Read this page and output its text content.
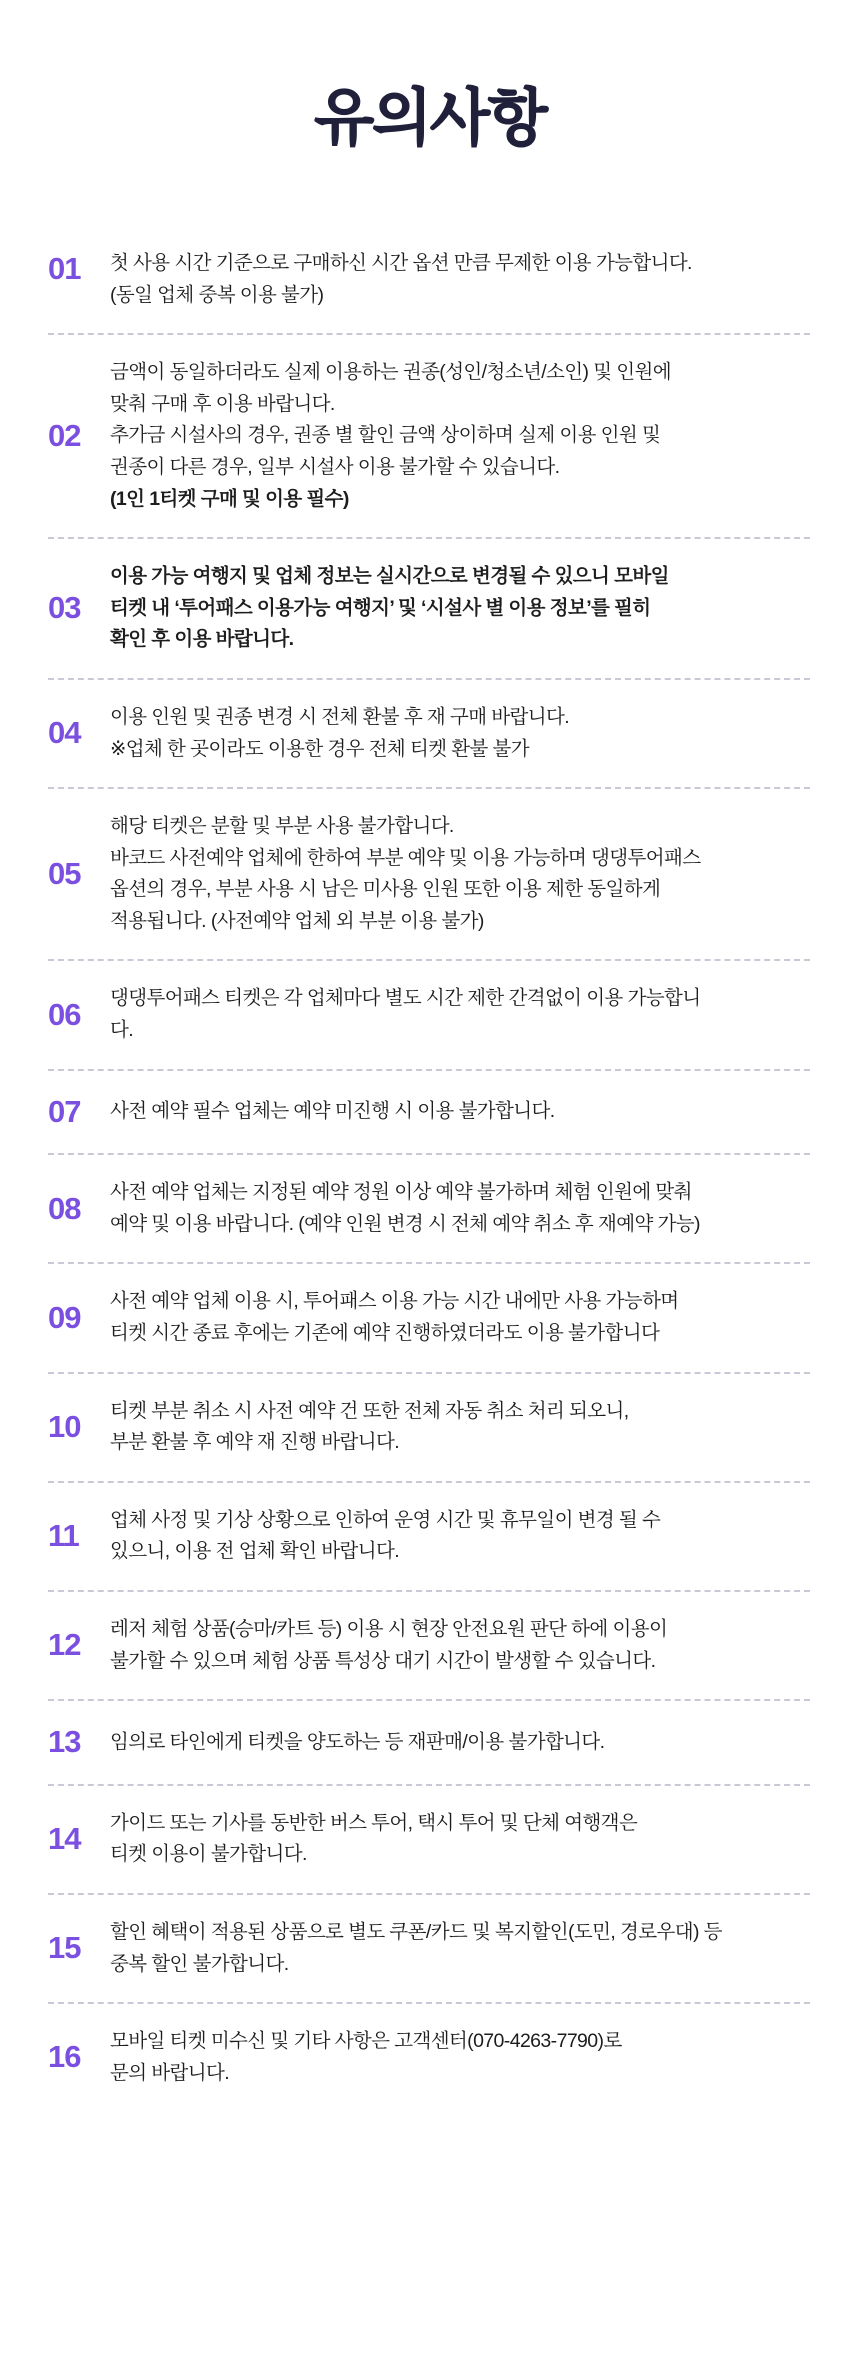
유의사항
01	첫 사용 시간 기준으로 구매하신 시간 옵션 만큼 무제한 이용 가능합니다.

(동일 업체 중복 이용 불가)

02

금액이 동일하더라도 실제 이용하는 권종(성인/청소년/소인) 및 인원에

맞춰 구매 후 이용 바랍니다.

추가금 시설사의 경우, 권종 별 할인 금액 상이하며 실제 이용 인원 및

권종이 다른 경우, 일부 시설사 이용 불가할 수 있습니다.

(1인 1티켓 구매 및 이용 필수)

03

이용 가능 여행지 및 업체 정보는 실시간으로 변경될 수 있으니 모바일

티켓 내 ‘투어패스 이용가능 여행지’ 및 ‘시설사 별 이용 정보’를 필히

확인 후 이용 바랍니다.

04	이용 인원 및 권종 변경 시 전체 환불 후 재 구매 바랍니다.

※업체 한 곳이라도 이용한 경우 전체 티켓 환불 불가

05

해당 티켓은 분할 및 부분 사용 불가합니다.

바코드 사전예약 업체에 한하여 부분 예약 및 이용 가능하며 댕댕투어패스

옵션의 경우, 부분 사용 시 남은 미사용 인원 또한 이용 제한 동일하게

적용됩니다. (사전예약 업체 외 부분 이용 불가)

06	댕댕투어패스 티켓은 각 업체마다 별도 시간 제한 간격없이 이용 가능합니

다.

07	사전 예약 필수 업체는 예약 미진행 시 이용 불가합니다.

08	사전 예약 업체는 지정된 예약 정원 이상 예약 불가하며 체험 인원에 맞춰

예약 및 이용 바랍니다. (예약 인원 변경 시 전체 예약 취소 후 재예약 가능)

09	사전 예약 업체 이용 시, 투어패스 이용 가능 시간 내에만 사용 가능하며

티켓 시간 종료 후에는 기존에 예약 진행하였더라도 이용 불가합니다

10	티켓 부분 취소 시 사전 예약 건 또한 전체 자동 취소 처리 되오니,

부분 환불 후 예약 재 진행 바랍니다.

11	업체 사정 및 기상 상황으로 인하여 운영 시간 및 휴무일이 변경 될 수

있으니, 이용 전 업체 확인 바랍니다.

12	레저 체험 상품(승마/카트 등) 이용 시 현장 안전요원 판단 하에 이용이

불가할 수 있으며 체험 상품 특성상 대기 시간이 발생할 수 있습니다.

13	임의로 타인에게 티켓을 양도하는 등 재판매/이용 불가합니다.

14	가이드 또는 기사를 동반한 버스 투어, 택시 투어 및 단체 여행객은

티켓 이용이 불가합니다.

15	할인 혜택이 적용된 상품으로 별도 쿠폰/카드 및 복지할인(도민, 경로우대) 등

중복 할인 불가합니다.

16	모바일 티켓 미수신 및 기타 사항은 고객센터(070-4263-7790)로

문의 바랍니다.
